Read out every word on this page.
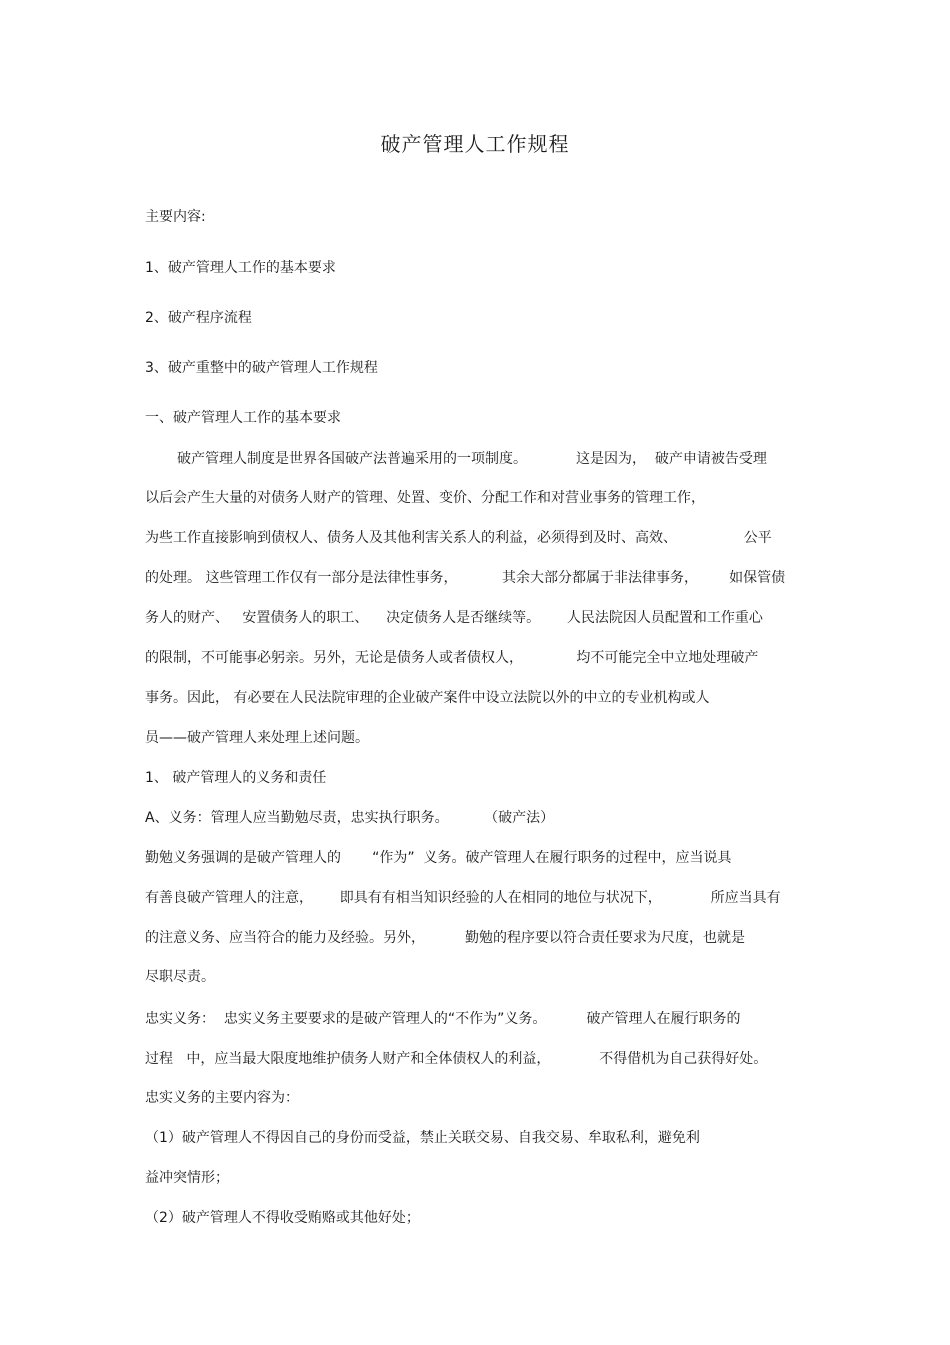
破产管理人工作规程
主要内容:
1、破产管理人工作的基本要求
2、破产程序流程
3、破产重整中的破产管理人工作规程
一、破产管理人工作的基本要求
破产管理人制度是世界各国破产法普遍采用的一项制度。           这是因为，  破产申请被告受理
以后会产生大量的对债务人财产的管理、处置、变价、分配工作和对营业事务的管理工作，
为些工作直接影响到债权人、债务人及其他利害关系人的利益，必须得到及时、高效、               公平
的处理。 这些管理工作仅有一部分是法律性事务，          其余大部分都属于非法律事务，       如保管债
务人的财产、   安置债务人的职工、    决定债务人是否继续等。      人民法院因人员配置和工作重心
的限制，不可能事必躬亲。另外，无论是债务人或者债权人，            均不可能完全中立地处理破产
事务。因此， 有必要在人民法院审理的企业破产案件中设立法院以外的中立的专业机构或人
员——破产管理人来处理上述问题。
1、 破产管理人的义务和责任
A、义务：管理人应当勤勉尽责，忠实执行职务。        （破产法）
勤勉义务强调的是破产管理人的       “作为”  义务。破产管理人在履行职务的过程中，应当说具
有善良破产管理人的注意，      即具有有相当知识经验的人在相同的地位与状况下，           所应当具有
的注意义务、应当符合的能力及经验。另外，         勤勉的程序要以符合责任要求为尺度，也就是
尽职尽责。
忠实义务：  忠实义务主要要求的是破产管理人的“不作为”义务。         破产管理人在履行职务的
过程   中，应当最大限度地维护债务人财产和全体债权人的利益，           不得借机为自己获得好处。
忠实义务的主要内容为：
（1）破产管理人不得因自己的身份而受益，禁止关联交易、自我交易、牟取私利，避免利
益冲突情形；
（2）破产管理人不得收受贿赂或其他好处；
